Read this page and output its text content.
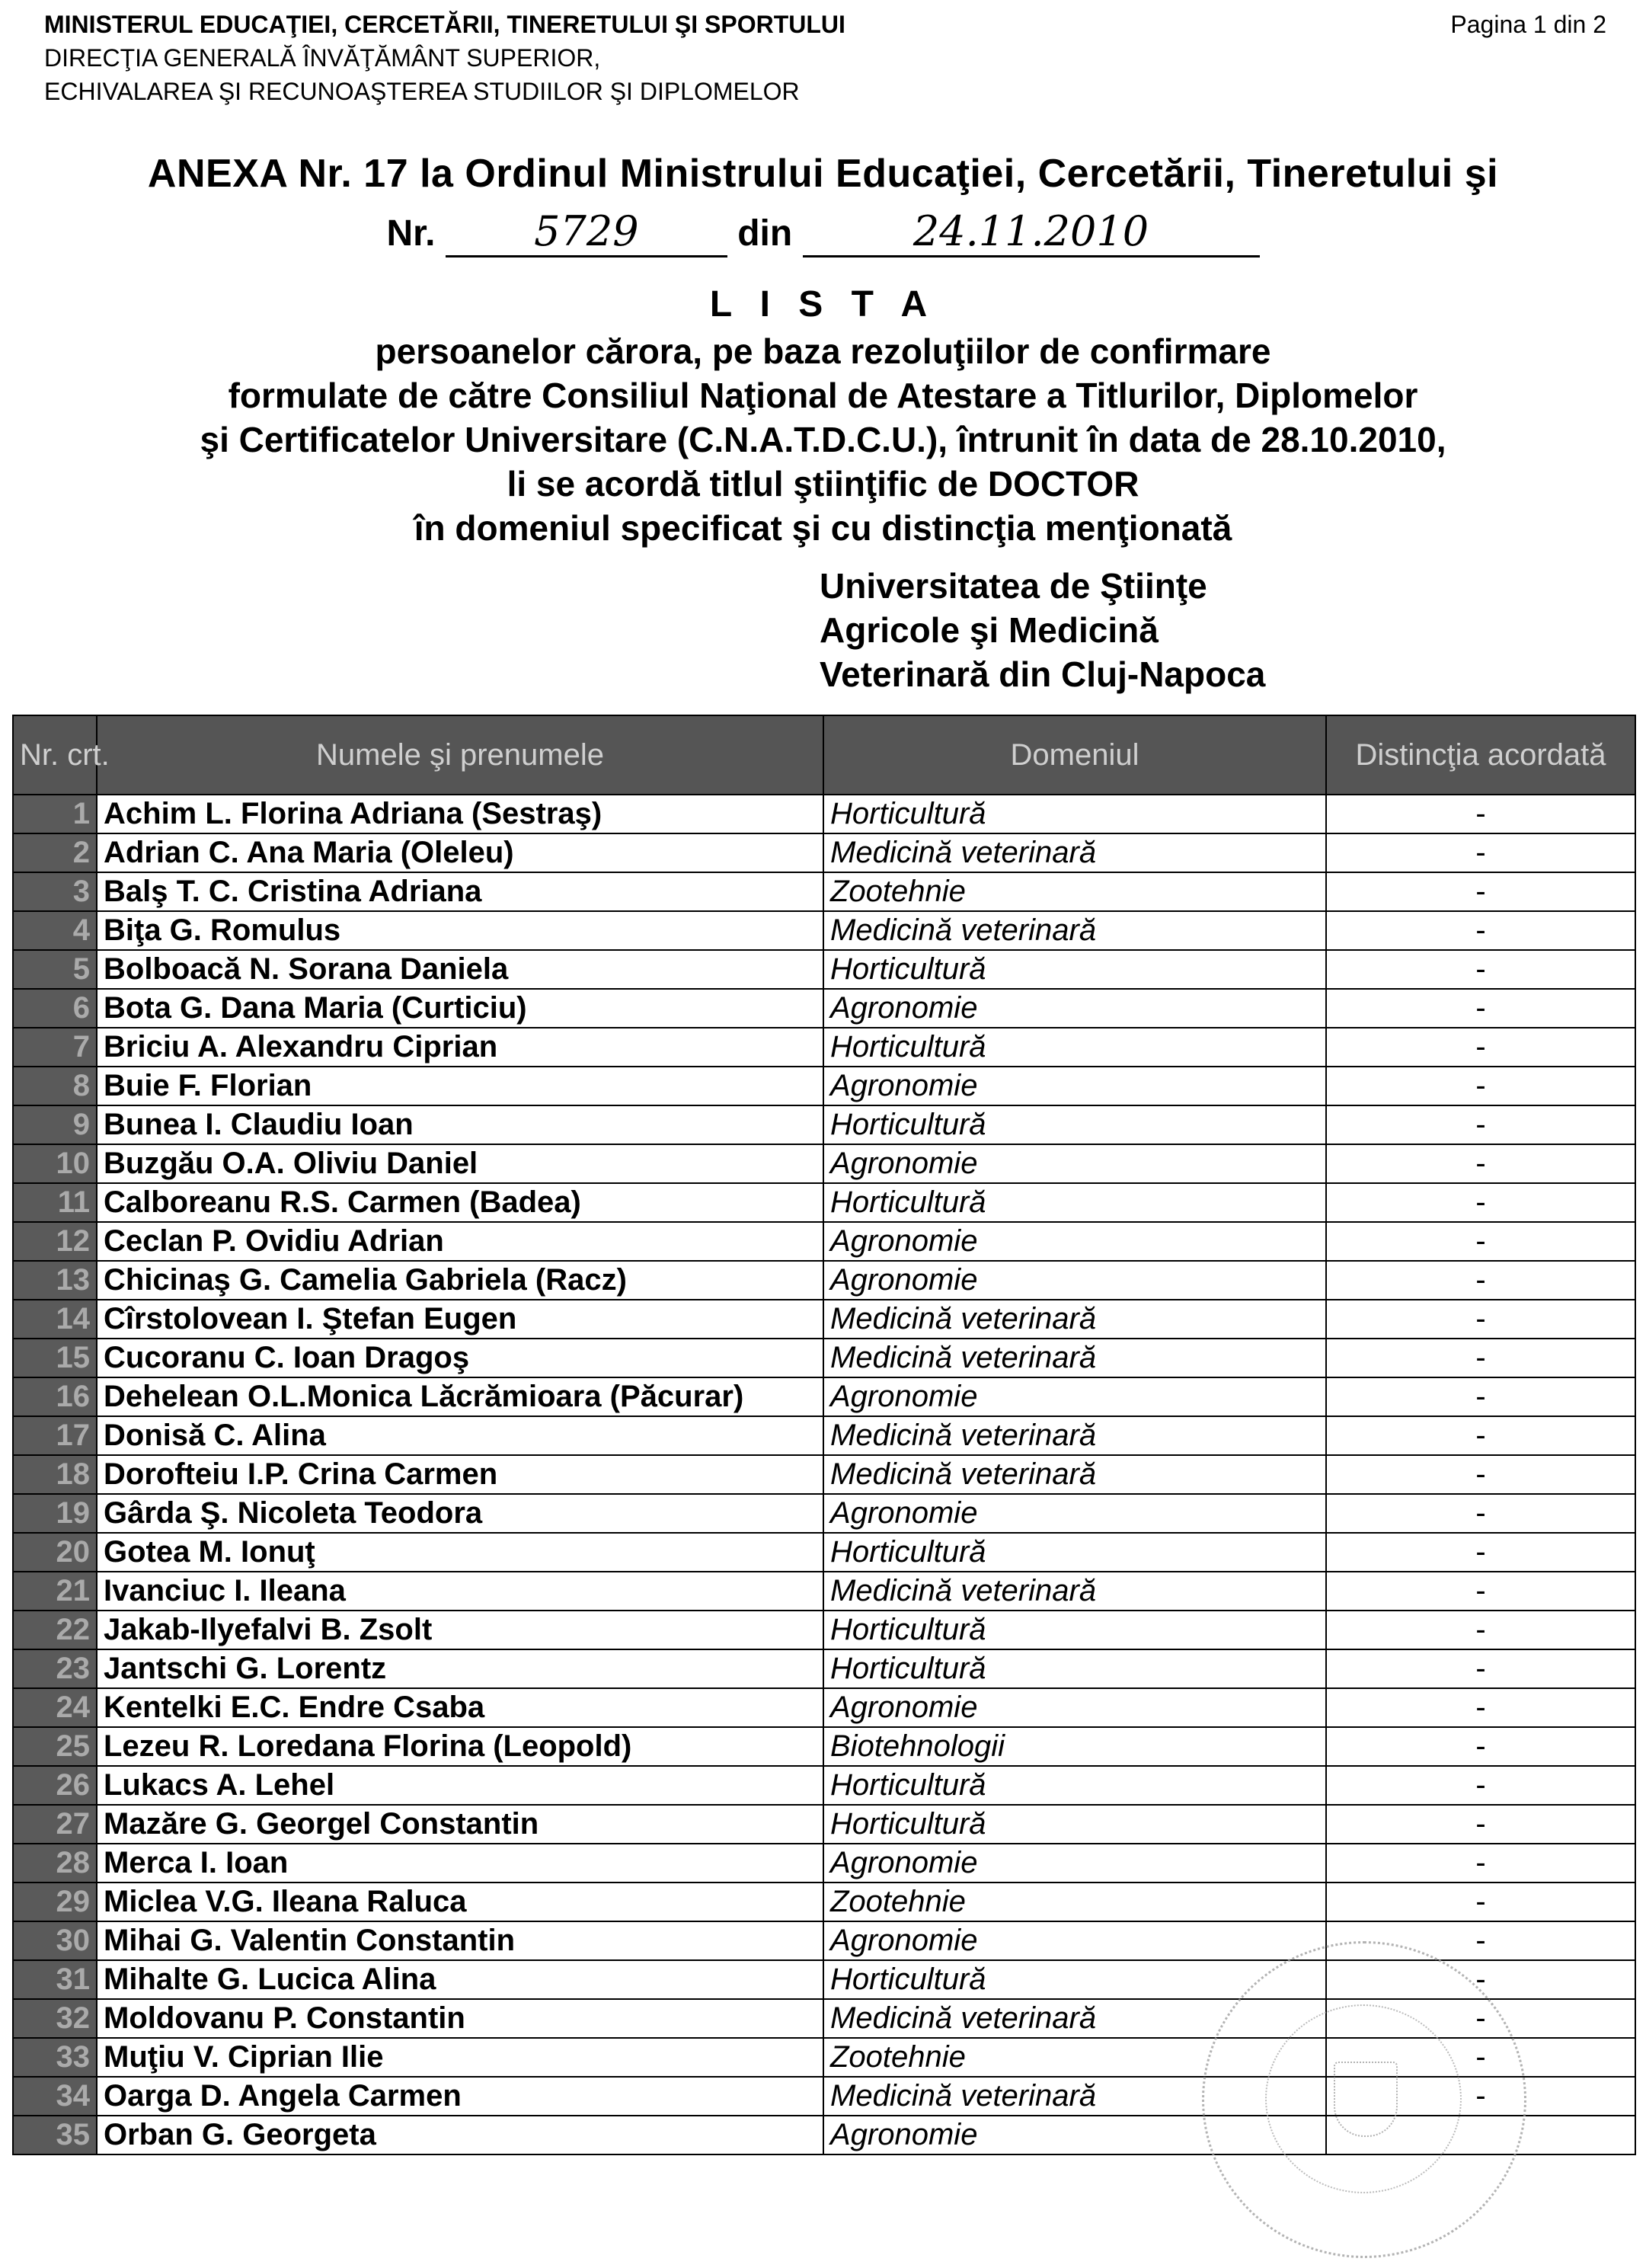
MINISTERUL EDUCAŢIEI, CERCETĂRII, TINERETULUI ŞI SPORTULUI
DIRECŢIA GENERALĂ ÎNVĂŢĂMÂNT SUPERIOR,
ECHIVALAREA ŞI RECUNOAŞTEREA STUDIILOR ŞI DIPLOMELOR
Pagina 1 din 2
ANEXA Nr. 17 la Ordinul Ministrului Educaţiei, Cercetării, Tineretului şi
Nr. 5729	din	24.11.2010
L I S T A
persoanelor cărora, pe baza rezoluţiilor de confirmare
formulate de către Consiliul Naţional de Atestare a Titlurilor, Diplomelor
şi Certificatelor Universitare (C.N.A.T.D.C.U.), întrunit în data de 28.10.2010,
li se acordă titlul ştiinţific de DOCTOR
în domeniul specificat şi cu distincţia menţionată
Universitatea de Ştiinţe
Agricole şi Medicină
Veterinară din Cluj-Napoca
Nr. crt.	Numele şi prenumele	Domeniul	Distincţia acordată
1	Achim L. Florina Adriana (Sestraş)	Horticultură	-
2	Adrian C. Ana Maria (Oleleu)	Medicină veterinară	-
3	Balş T. C. Cristina Adriana	Zootehnie	-
4	Biţa G. Romulus	Medicină veterinară	-
5	Bolboacă N. Sorana Daniela	Horticultură	-
6	Bota G. Dana Maria (Curticiu)	Agronomie	-
7	Briciu A. Alexandru Ciprian	Horticultură	-
8	Buie F. Florian	Agronomie	-
9	Bunea I. Claudiu Ioan	Horticultură	-
10	Buzgău O.A. Oliviu Daniel	Agronomie	-
11	Calboreanu R.S. Carmen (Badea)	Horticultură	-
12	Ceclan P. Ovidiu Adrian	Agronomie	-
13	Chicinaş G. Camelia Gabriela (Racz)	Agronomie	-
14	Cîrstolovean I. Ştefan Eugen	Medicină veterinară	-
15	Cucoranu C. Ioan Dragoş	Medicină veterinară	-
16	Dehelean O.L.Monica Lăcrămioara (Păcurar)	Agronomie	-
17	Donisă C. Alina	Medicină veterinară	-
18	Dorofteiu I.P. Crina Carmen	Medicină veterinară	-
19	Gârda Ş. Nicoleta Teodora	Agronomie	-
20	Gotea M. Ionuţ	Horticultură	-
21	Ivanciuc I. Ileana	Medicină veterinară	-
22	Jakab-Ilyefalvi B. Zsolt	Horticultură	-
23	Jantschi G. Lorentz	Horticultură	-
24	Kentelki E.C. Endre Csaba	Agronomie	-
25	Lezeu R. Loredana Florina (Leopold)	Biotehnologii	-
26	Lukacs A. Lehel	Horticultură	-
27	Mazăre G. Georgel Constantin	Horticultură	-
28	Merca I. Ioan	Agronomie	-
29	Miclea V.G. Ileana Raluca	Zootehnie	-
30	Mihai G. Valentin Constantin	Agronomie	-
31	Mihalte G. Lucica Alina	Horticultură	-
32	Moldovanu P. Constantin	Medicină veterinară	-
33	Muţiu V. Ciprian Ilie	Zootehnie	-
34	Oarga D. Angela Carmen	Medicină veterinară	-
35	Orban G. Georgeta	Agronomie	
